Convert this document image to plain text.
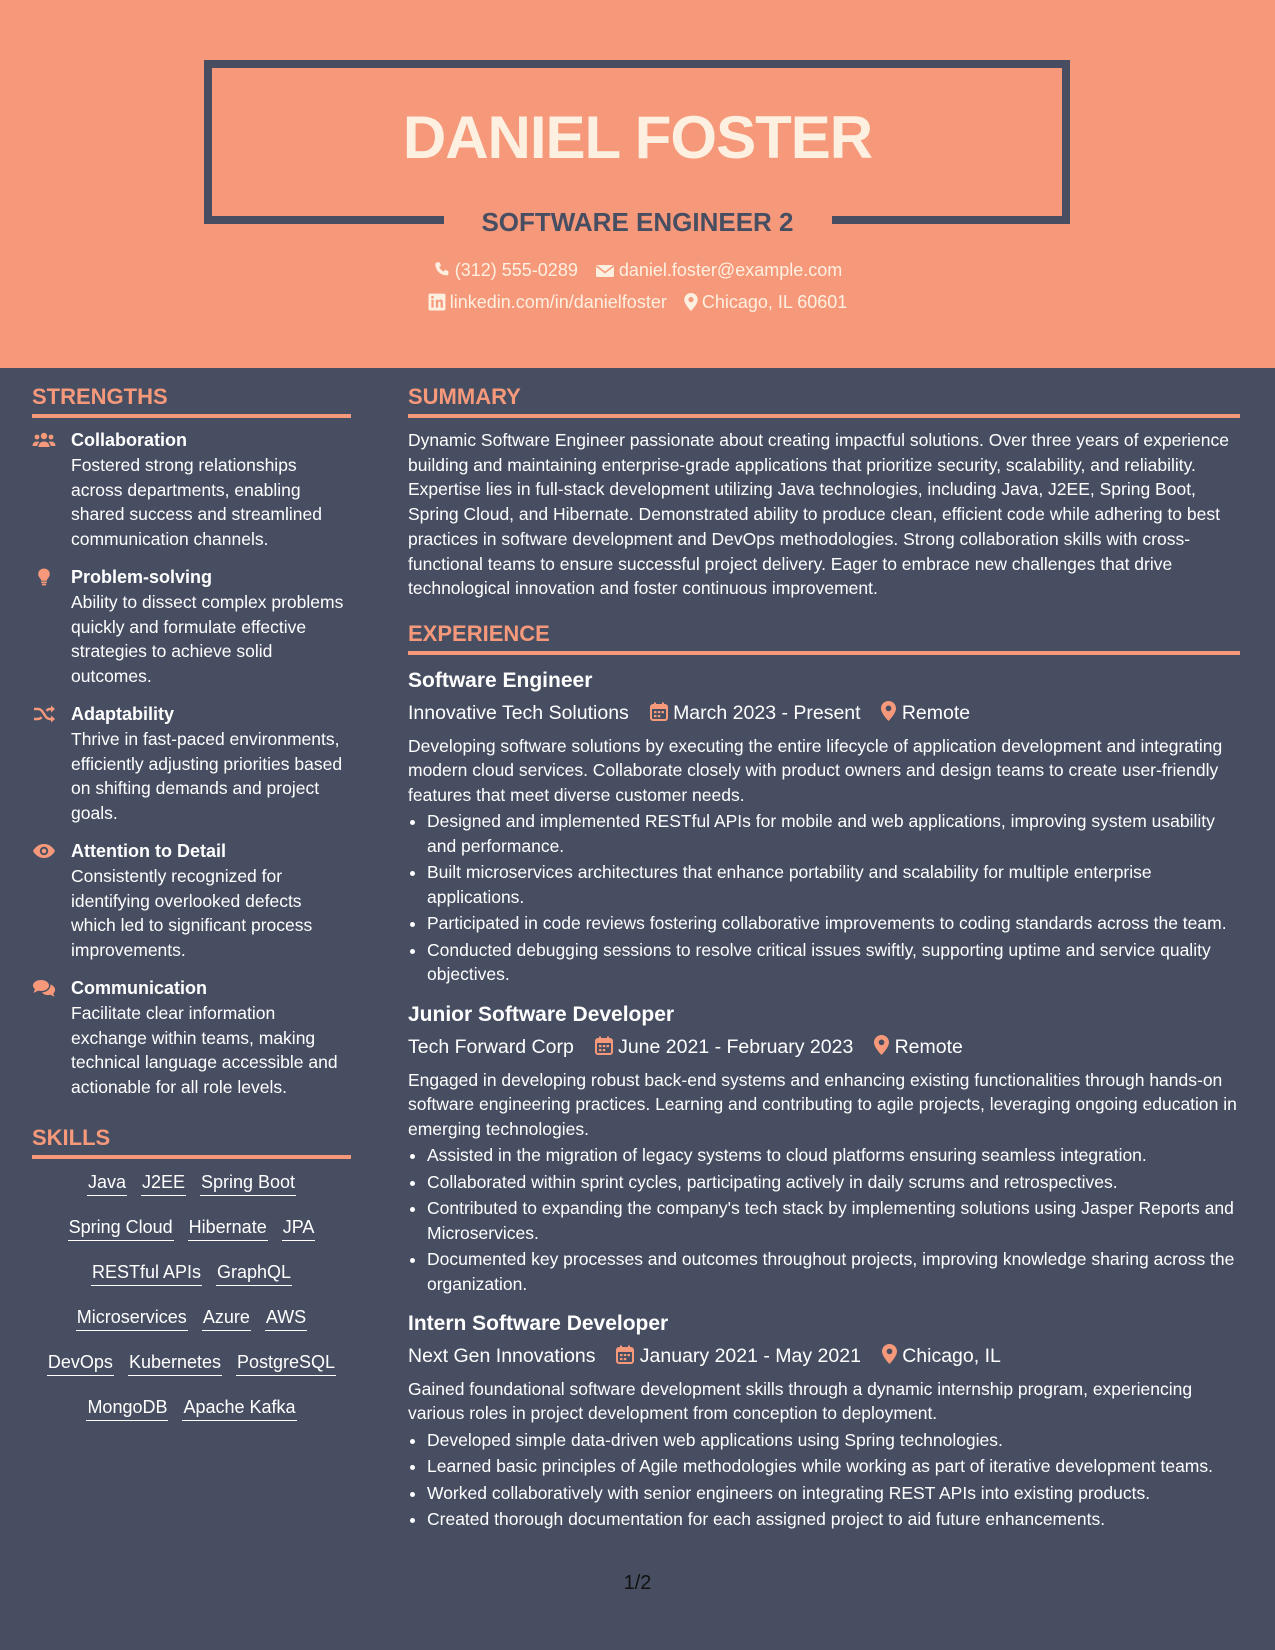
DANIEL FOSTER
SOFTWARE ENGINEER 2
(312) 555-0289 daniel.foster@example.com
linkedin.com/in/danielfoster Chicago, IL 60601
STRENGTHS
Collaboration
Fostered strong relationships across departments, enabling shared success and streamlined communication channels.
Problem-solving
Ability to dissect complex problems quickly and formulate effective strategies to achieve solid outcomes.
Adaptability
Thrive in fast-paced environments, efficiently adjusting priorities based on shifting demands and project goals.
Attention to Detail
Consistently recognized for identifying overlooked defects which led to significant process improvements.
Communication
Facilitate clear information exchange within teams, making technical language accessible and actionable for all role levels.
SKILLS
Java J2EE Spring Boot
Spring Cloud Hibernate JPA
RESTful APIs GraphQL
Microservices Azure AWS
DevOps Kubernetes PostgreSQL
MongoDB Apache Kafka
SUMMARY
Dynamic Software Engineer passionate about creating impactful solutions. Over three years of experience building and maintaining enterprise-grade applications that prioritize security, scalability, and reliability. Expertise lies in full-stack development utilizing Java technologies, including Java, J2EE, Spring Boot, Spring Cloud, and Hibernate. Demonstrated ability to produce clean, efficient code while adhering to best practices in software development and DevOps methodologies. Strong collaboration skills with cross-functional teams to ensure successful project delivery. Eager to embrace new challenges that drive technological innovation and foster continuous improvement.
EXPERIENCE
Software Engineer
Innovative Tech Solutions March 2023 - Present Remote
Developing software solutions by executing the entire lifecycle of application development and integrating modern cloud services. Collaborate closely with product owners and design teams to create user-friendly features that meet diverse customer needs.
• Designed and implemented RESTful APIs for mobile and web applications, improving system usability and performance.
• Built microservices architectures that enhance portability and scalability for multiple enterprise applications.
• Participated in code reviews fostering collaborative improvements to coding standards across the team.
• Conducted debugging sessions to resolve critical issues swiftly, supporting uptime and service quality objectives.
Junior Software Developer
Tech Forward Corp June 2021 - February 2023 Remote
Engaged in developing robust back-end systems and enhancing existing functionalities through hands-on software engineering practices. Learning and contributing to agile projects, leveraging ongoing education in emerging technologies.
• Assisted in the migration of legacy systems to cloud platforms ensuring seamless integration.
• Collaborated within sprint cycles, participating actively in daily scrums and retrospectives.
• Contributed to expanding the company's tech stack by implementing solutions using Jasper Reports and Microservices.
• Documented key processes and outcomes throughout projects, improving knowledge sharing across the organization.
Intern Software Developer
Next Gen Innovations January 2021 - May 2021 Chicago, IL
Gained foundational software development skills through a dynamic internship program, experiencing various roles in project development from conception to deployment.
• Developed simple data-driven web applications using Spring technologies.
• Learned basic principles of Agile methodologies while working as part of iterative development teams.
• Worked collaboratively with senior engineers on integrating REST APIs into existing products.
• Created thorough documentation for each assigned project to aid future enhancements.
1/2
